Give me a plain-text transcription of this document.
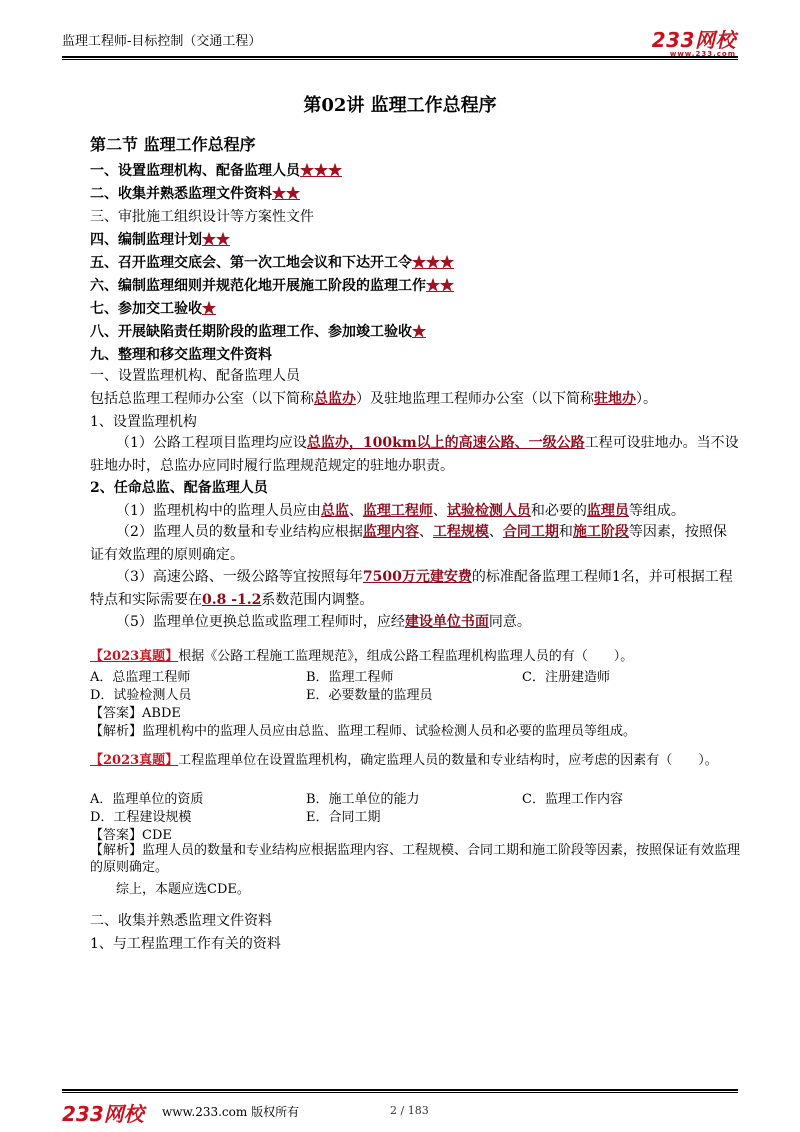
监理工程师-目标控制（交通工程）	233网校
www.233.com
第02讲 监理工作总程序
第二节 监理工作总程序
一、设置监理机构、配备监理人员★★★
二、收集并熟悉监理文件资料★★
三、审批施工组织设计等方案性文件
四、编制监理计划★★
五、召开监理交底会、第一次工地会议和下达开工令★★★
六、编制监理细则并规范化地开展施工阶段的监理工作★★
七、参加交工验收★
八、开展缺陷责任期阶段的监理工作、参加竣工验收★
九、整理和移交监理文件资料
一、设置监理机构、配备监理人员
包括总监理工程师办公室（以下简称总监办）及驻地监理工程师办公室（以下简称驻地办）。
1、设置监理机构
（1）公路工程项目监理均应设总监办，100km以上的高速公路、一级公路工程可设驻地办。当不设驻地办时，总监办应同时履行监理规范规定的驻地办职责。
2、任命总监、配备监理人员
（1）监理机构中的监理人员应由总监、监理工程师、试验检测人员和必要的监理员等组成。
（2）监理人员的数量和专业结构应根据监理内容、工程规模、合同工期和施工阶段等因素，按照保证有效监理的原则确定。
（3）高速公路、一级公路等宜按照每年7500万元建安费的标准配备监理工程师1名，并可根据工程特点和实际需要在0.8 -1.2系数范围内调整。
（5）监理单位更换总监或监理工程师时，应经建设单位书面同意。
【2023真题】根据《公路工程施工监理规范》，组成公路工程监理机构监理人员的有（　　）。
A．总监理工程师	B．监理工程师	C．注册建造师
D．试验检测人员	E．必要数量的监理员
【答案】ABDE
【解析】监理机构中的监理人员应由总监、监理工程师、试验检测人员和必要的监理员等组成。
【2023真题】工程监理单位在设置监理机构，确定监理人员的数量和专业结构时，应考虑的因素有（　　）。
A．监理单位的资质	B．施工单位的能力	C．监理工作内容
D．工程建设规模	E．合同工期
【答案】CDE
【解析】监理人员的数量和专业结构应根据监理内容、工程规模、合同工期和施工阶段等因素，按照保证有效监理的原则确定。
综上，本题应选CDE。
二、收集并熟悉监理文件资料
1、与工程监理工作有关的资料
233网校 www.233.com 版权所有	2 / 183
